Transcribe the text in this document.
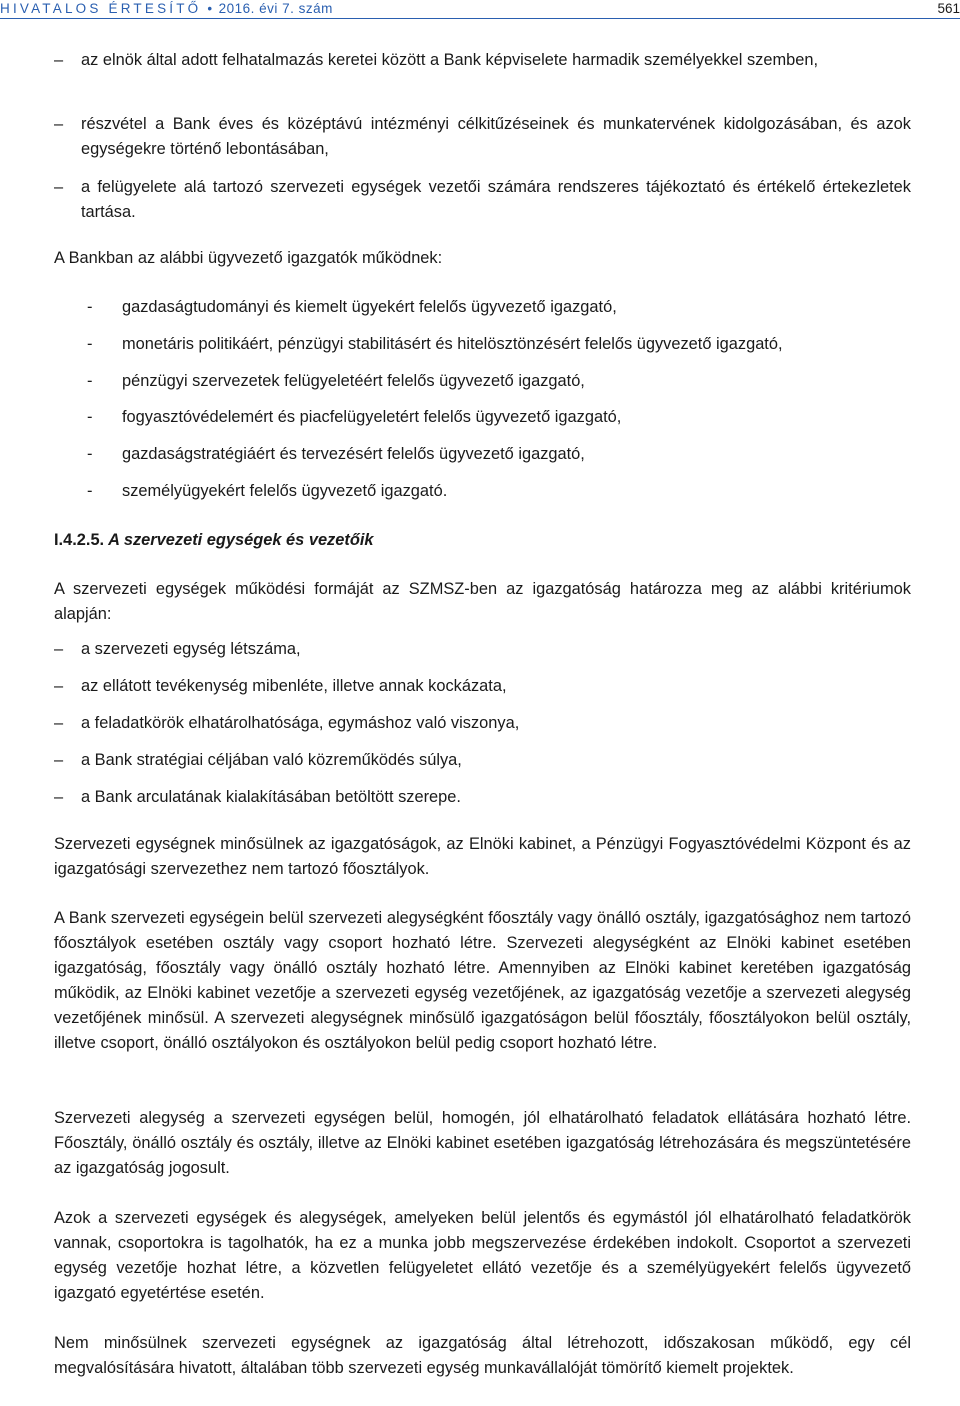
HIVATALOS ÉRTESÍTŐ • 2016. évi 7. szám	561
–	az elnök által adott felhatalmazás keretei között a Bank képviselete harmadik személyekkel szemben,
–	részvétel a Bank éves és középtávú intézményi célkitűzéseinek és munkatervének kidolgozásában, és azok egységekre történő lebontásában,
–	a felügyelete alá tartozó szervezeti egységek vezetői számára rendszeres tájékoztató és értékelő értekezletek tartása.

A Bankban az alábbi ügyvezető igazgatók működnek:

- gazdaságtudományi és kiemelt ügyekért felelős ügyvezető igazgató,
- monetáris politikáért, pénzügyi stabilitásért és hitelösztönzésért felelős ügyvezető igazgató,
- pénzügyi szervezetek felügyeletéért felelős ügyvezető igazgató,
- fogyasztóvédelemért és piacfelügyeletért felelős ügyvezető igazgató,
- gazdaságstratégiáért és tervezésért felelős ügyvezető igazgató,
- személyügyekért felelős ügyvezető igazgató.
I.4.2.5. A szervezeti egységek és vezetőik

A szervezeti egységek működési formáját az SZMSZ-ben az igazgatóság határozza meg az alábbi kritériumok alapján:

–	a szervezeti egység létszáma,
–	az ellátott tevékenység mibenléte, illetve annak kockázata,
–	a feladatkörök elhatárolhatósága, egymáshoz való viszonya,
–	a Bank stratégiai céljában való közreműködés súlya,
–	a Bank arculatának kialakításában betöltött szerepe.

Szervezeti egységnek minősülnek az igazgatóságok, az Elnöki kabinet, a Pénzügyi Fogyasztóvédelmi Központ és az igazgatósági szervezethez nem tartozó főosztályok.

A Bank szervezeti egységein belül szervezeti alegységként főosztály vagy önálló osztály, igazgatósághoz nem tartozó főosztályok esetében osztály vagy csoport hozható létre. Szervezeti alegységként az Elnöki kabinet esetében igazgatóság, főosztály vagy önálló osztály hozható létre. Amennyiben az Elnöki kabinet keretében igazgatóság működik, az Elnöki kabinet vezetője a szervezeti egység vezetőjének, az igazgatóság vezetője a szervezeti alegység vezetőjének minősül. A szervezeti alegységnek minősülő igazgatóságon belül főosztály, főosztályokon belül osztály, illetve csoport, önálló osztályokon és osztályokon belül pedig csoport hozható létre.

Szervezeti alegység a szervezeti egységen belül, homogén, jól elhatárolható feladatok ellátására hozható létre. Főosztály, önálló osztály és osztály, illetve az Elnöki kabinet esetében igazgatóság létrehozására és megszüntetésére az igazgatóság jogosult.

Azok a szervezeti egységek és alegységek, amelyeken belül jelentős és egymástól jól elhatárolható feladatkörök vannak, csoportokra is tagolhatók, ha ez a munka jobb megszervezése érdekében indokolt. Csoportot a szervezeti egység vezetője hozhat létre, a közvetlen felügyeletet ellátó vezetője és a személyügyekért felelős ügyvezető igazgató egyetértése esetén.

Nem minősülnek szervezeti egységnek az igazgatóság által létrehozott, időszakosan működő, egy cél megvalósítására hivatott, általában több szervezeti egység munkavállalóját tömörítő kiemelt projektek.
